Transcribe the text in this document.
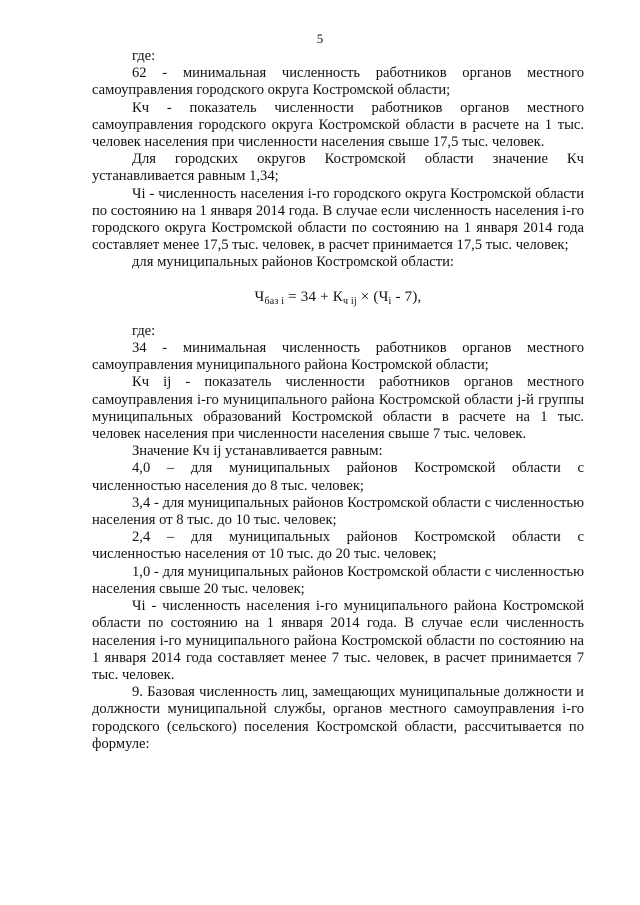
5

где:

62 - минимальная численность работников органов местного самоуправления городского округа Костромской области;

Кч - показатель численности работников органов местного самоуправления городского округа Костромской области в расчете на 1 тыс. человек населения при численности населения свыше 17,5 тыс. человек.

Для городских округов Костромской области значение Кч устанавливается равным 1,34;

Чi - численность населения i-го городского округа Костромской области по состоянию на 1 января 2014 года. В случае если численность населения i-го городского округа Костромской области по состоянию на 1 января 2014 года составляет менее 17,5 тыс. человек, в расчет принимается 17,5 тыс. человек;

для муниципальных районов Костромской области:

$Ч_{баз i} = 34 + К_{ч ij} \times (Ч_i - 7)$,

где:

34 - минимальная численность работников органов местного самоуправления муниципального района Костромской области;

Кч ij - показатель численности работников органов местного самоуправления i-го муниципального района Костромской области j-й группы муниципальных образований Костромской области в расчете на 1 тыс. человек населения при численности населения свыше 7 тыс. человек.

Значение Кч ij устанавливается равным:

4,0 – для муниципальных районов Костромской области с численностью населения до 8 тыс. человек;

3,4 - для муниципальных районов Костромской области с численностью населения от 8 тыс. до 10 тыс. человек;

2,4 – для муниципальных районов Костромской области с численностью населения от 10 тыс. до 20 тыс. человек;

1,0 - для муниципальных районов Костромской области с численностью населения свыше 20 тыс. человек;

Чi - численность населения i-го муниципального района Костромской области по состоянию на 1 января 2014 года. В случае если численность населения i-го муниципального района Костромской области по состоянию на 1 января 2014 года составляет менее 7 тыс. человек, в расчет принимается 7 тыс. человек.

9. Базовая численность лиц, замещающих муниципальные должности и должности муниципальной службы, органов местного самоуправления i-го городского (сельского) поселения Костромской области, рассчитывается по формуле:
